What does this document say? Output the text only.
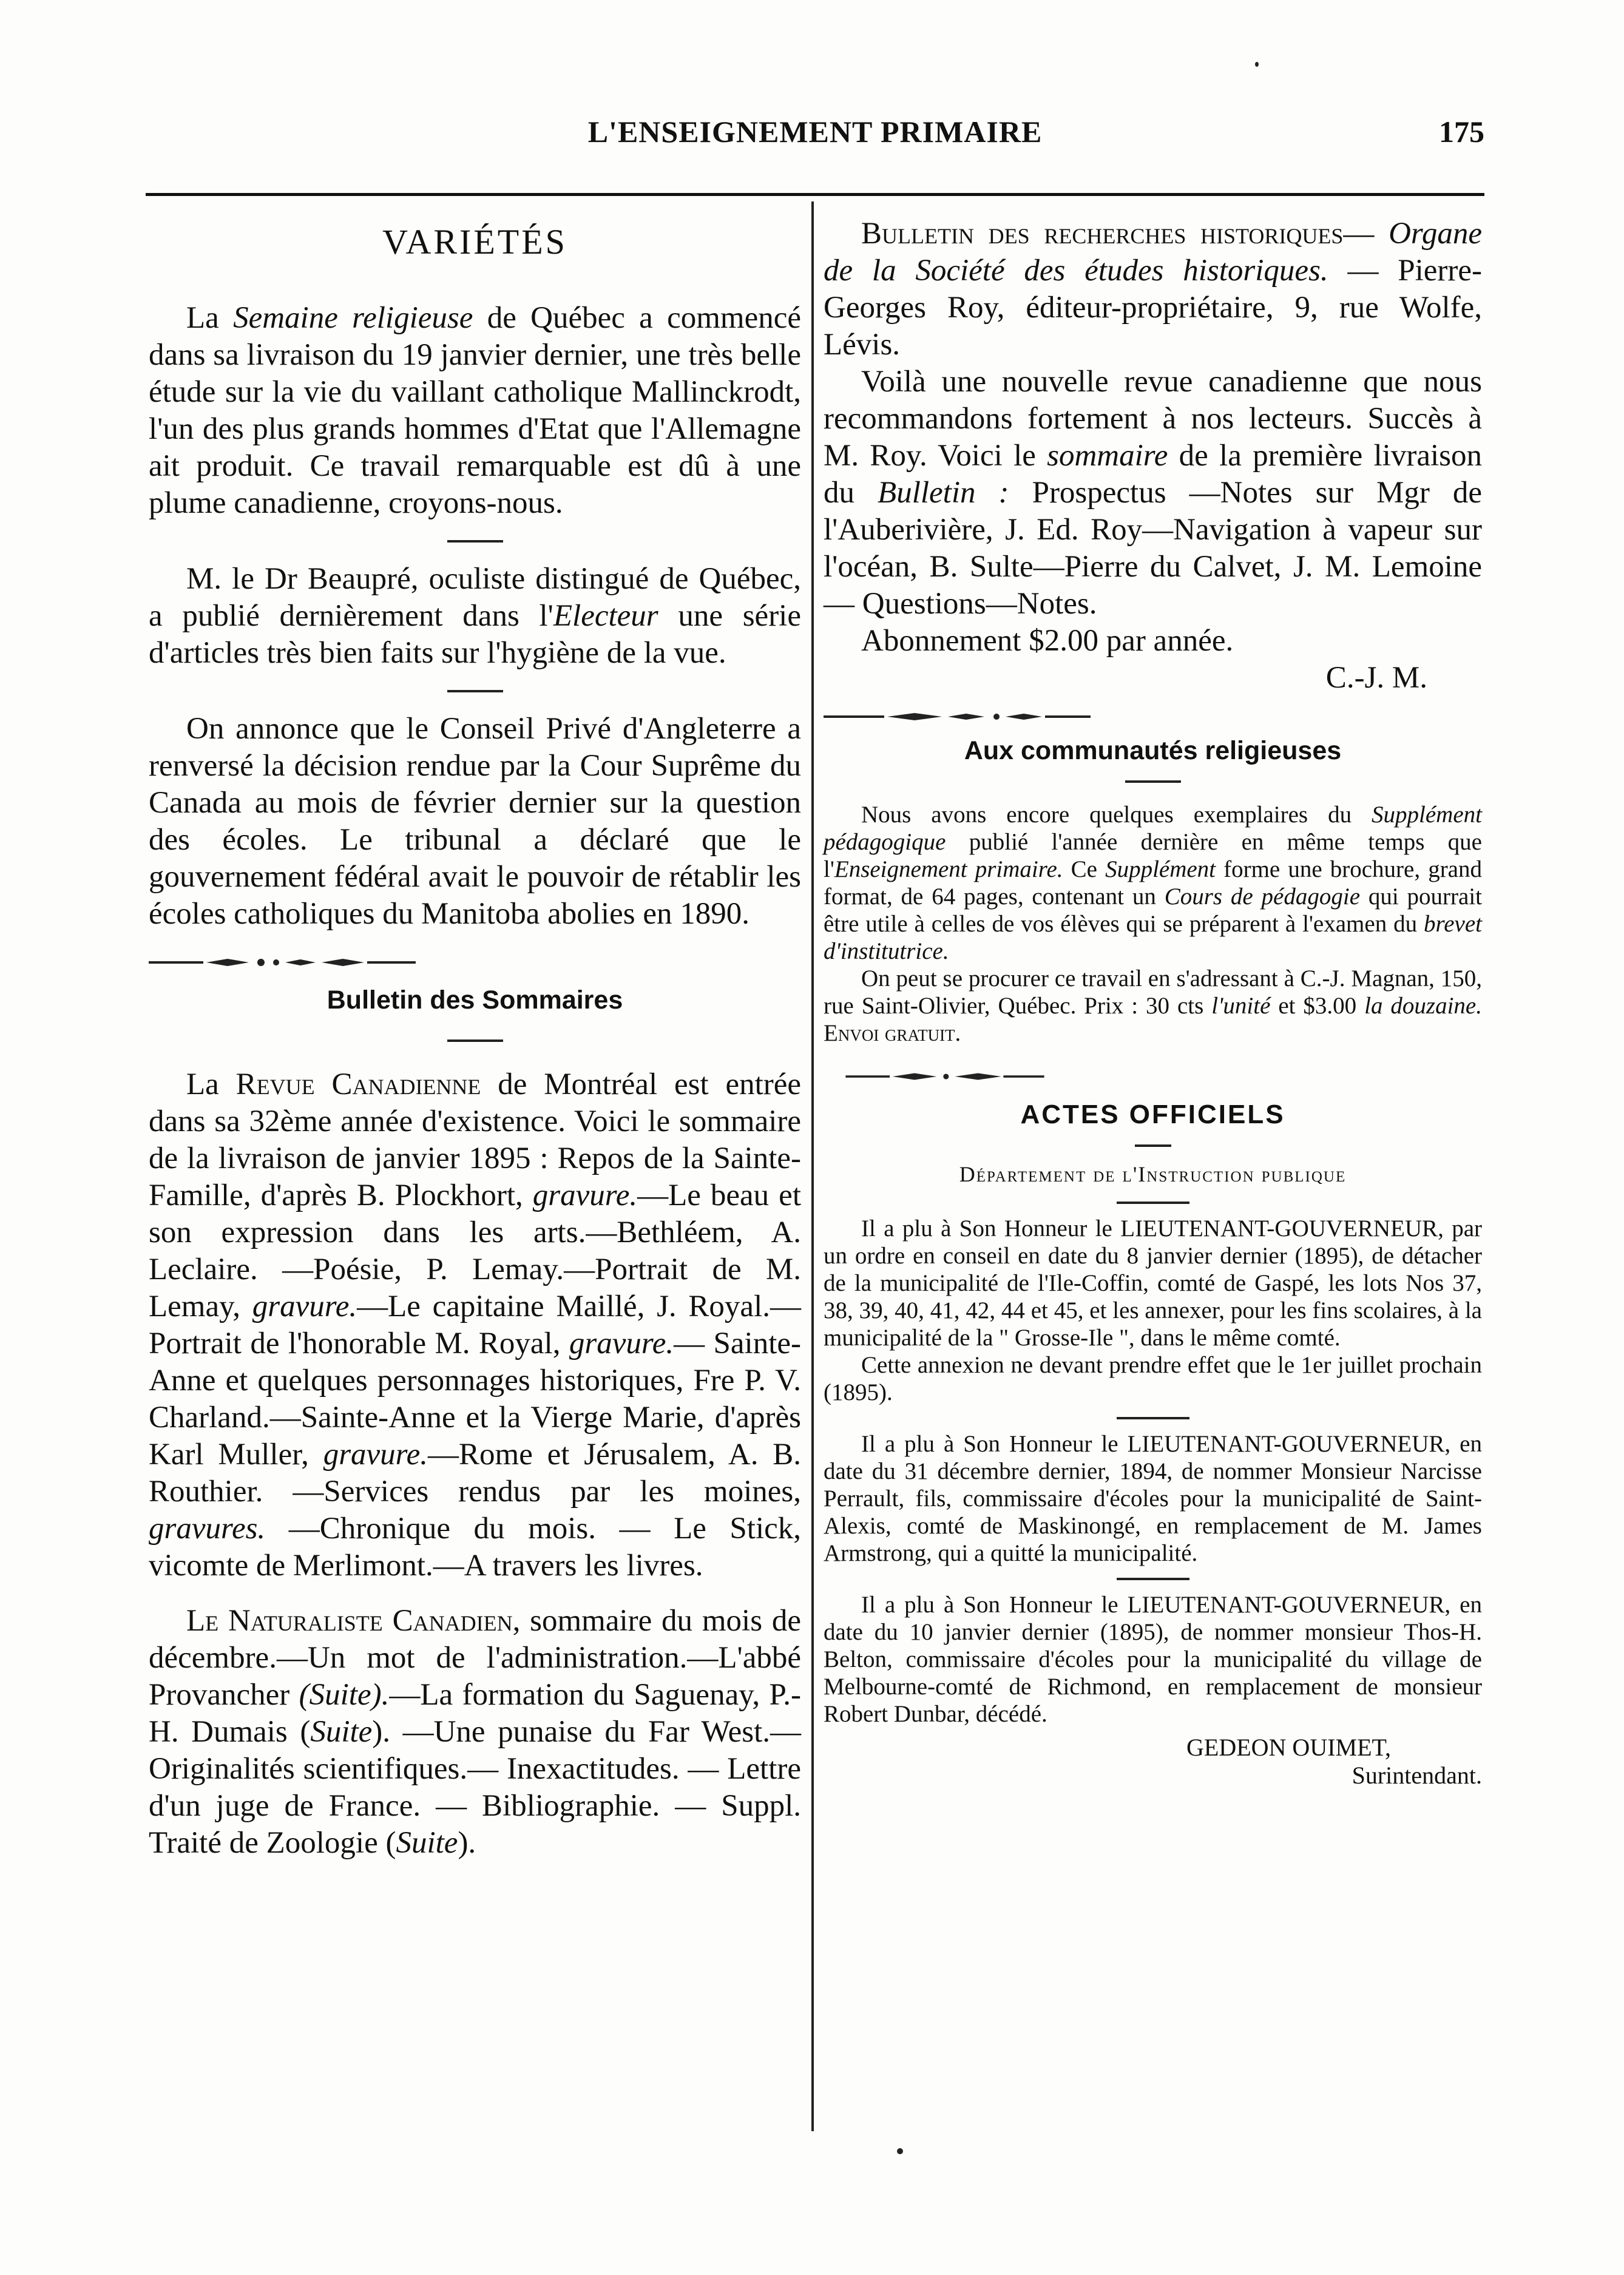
L'ENSEIGNEMENT PRIMAIRE	175
VARIÉTÉS

La Semaine religieuse de Québec a commencé dans sa livraison du 19 janvier dernier, une très belle étude sur la vie du vaillant catholique Mallinckrodt, l'un des plus grands hommes d'Etat que l'Allemagne ait produit. Ce travail remarquable est dû à une plume canadienne, croyons-nous.

M. le Dr Beaupré, oculiste distingué de Québec, a publié dernièrement dans l'Electeur une série d'articles très bien faits sur l'hygiène de la vue.

On annonce que le Conseil Privé d'Angleterre a renversé la décision rendue par la Cour Suprême du Canada au mois de février dernier sur la question des écoles. Le tribunal a déclaré que le gouvernement fédéral avait le pouvoir de rétablir les écoles catholiques du Manitoba abolies en 1890.

Bulletin des Sommaires

La Revue Canadienne de Montréal est entrée dans sa 32ème année d'existence. Voici le sommaire de la livraison de janvier 1895 : Repos de la Sainte-Famille, d'après B. Plockhort, gravure.—Le beau et son expression dans les arts.—Bethléem, A. Leclaire. —Poésie, P. Lemay.—Portrait de M. Lemay, gravure.—Le capitaine Maillé, J. Royal.— Portrait de l'honorable M. Royal, gravure.— Sainte-Anne et quelques personnages historiques, Fre P. V. Charland.—Sainte-Anne et la Vierge Marie, d'après Karl Muller, gravure.—Rome et Jérusalem, A. B. Routhier. —Services rendus par les moines, gravures. —Chronique du mois. — Le Stick, vicomte de Merlimont.—A travers les livres.

Le Naturaliste Canadien, sommaire du mois de décembre.—Un mot de l'administration.—L'abbé Provancher (Suite).—La formation du Saguenay, P.-H. Dumais (Suite). —Une punaise du Far West.—Originalités scientifiques.— Inexactitudes. — Lettre d'un juge de France. — Bibliographie. — Suppl. Traité de Zoologie (Suite).

Bulletin des recherches historiques— Organe de la Société des études historiques. — Pierre-Georges Roy, éditeur-propriétaire, 9, rue Wolfe, Lévis.

Voilà une nouvelle revue canadienne que nous recommandons fortement à nos lecteurs. Succès à M. Roy. Voici le sommaire de la première livraison du Bulletin : Prospectus —Notes sur Mgr de l'Auberivière, J. Ed. Roy—Navigation à vapeur sur l'océan, B. Sulte—Pierre du Calvet, J. M. Lemoine— Questions—Notes.

Abonnement $2.00 par année.

C.-J. M.

Aux communautés religieuses

Nous avons encore quelques exemplaires du Supplément pédagogique publié l'année dernière en même temps que l'Enseignement primaire. Ce Supplément forme une brochure, grand format, de 64 pages, contenant un Cours de pédagogie qui pourrait être utile à celles de vos élèves qui se préparent à l'examen du brevet d'institutrice.

On peut se procurer ce travail en s'adressant à C.-J. Magnan, 150, rue Saint-Olivier, Québec. Prix : 30 cts l'unité et $3.00 la douzaine. Envoi gratuit.

ACTES OFFICIELS
Département de l'Instruction publique

Il a plu à Son Honneur le LIEUTENANT-GOUVERNEUR, par un ordre en conseil en date du 8 janvier dernier (1895), de détacher de la municipalité de l'Ile-Coffin, comté de Gaspé, les lots Nos 37, 38, 39, 40, 41, 42, 44 et 45, et les annexer, pour les fins scolaires, à la municipalité de la " Grosse-Ile ", dans le même comté.

Cette annexion ne devant prendre effet que le 1er juillet prochain (1895).

Il a plu à Son Honneur le LIEUTENANT-GOUVERNEUR, en date du 31 décembre dernier, 1894, de nommer Monsieur Narcisse Perrault, fils, commissaire d'écoles pour la municipalité de Saint-Alexis, comté de Maskinongé, en remplacement de M. James Armstrong, qui a quitté la municipalité.

Il a plu à Son Honneur le LIEUTENANT-GOUVERNEUR, en date du 10 janvier dernier (1895), de nommer monsieur Thos-H. Belton, commissaire d'écoles pour la municipalité du village de Melbourne-comté de Richmond, en remplacement de monsieur Robert Dunbar, décédé.

GEDEON OUIMET,

Surintendant.
